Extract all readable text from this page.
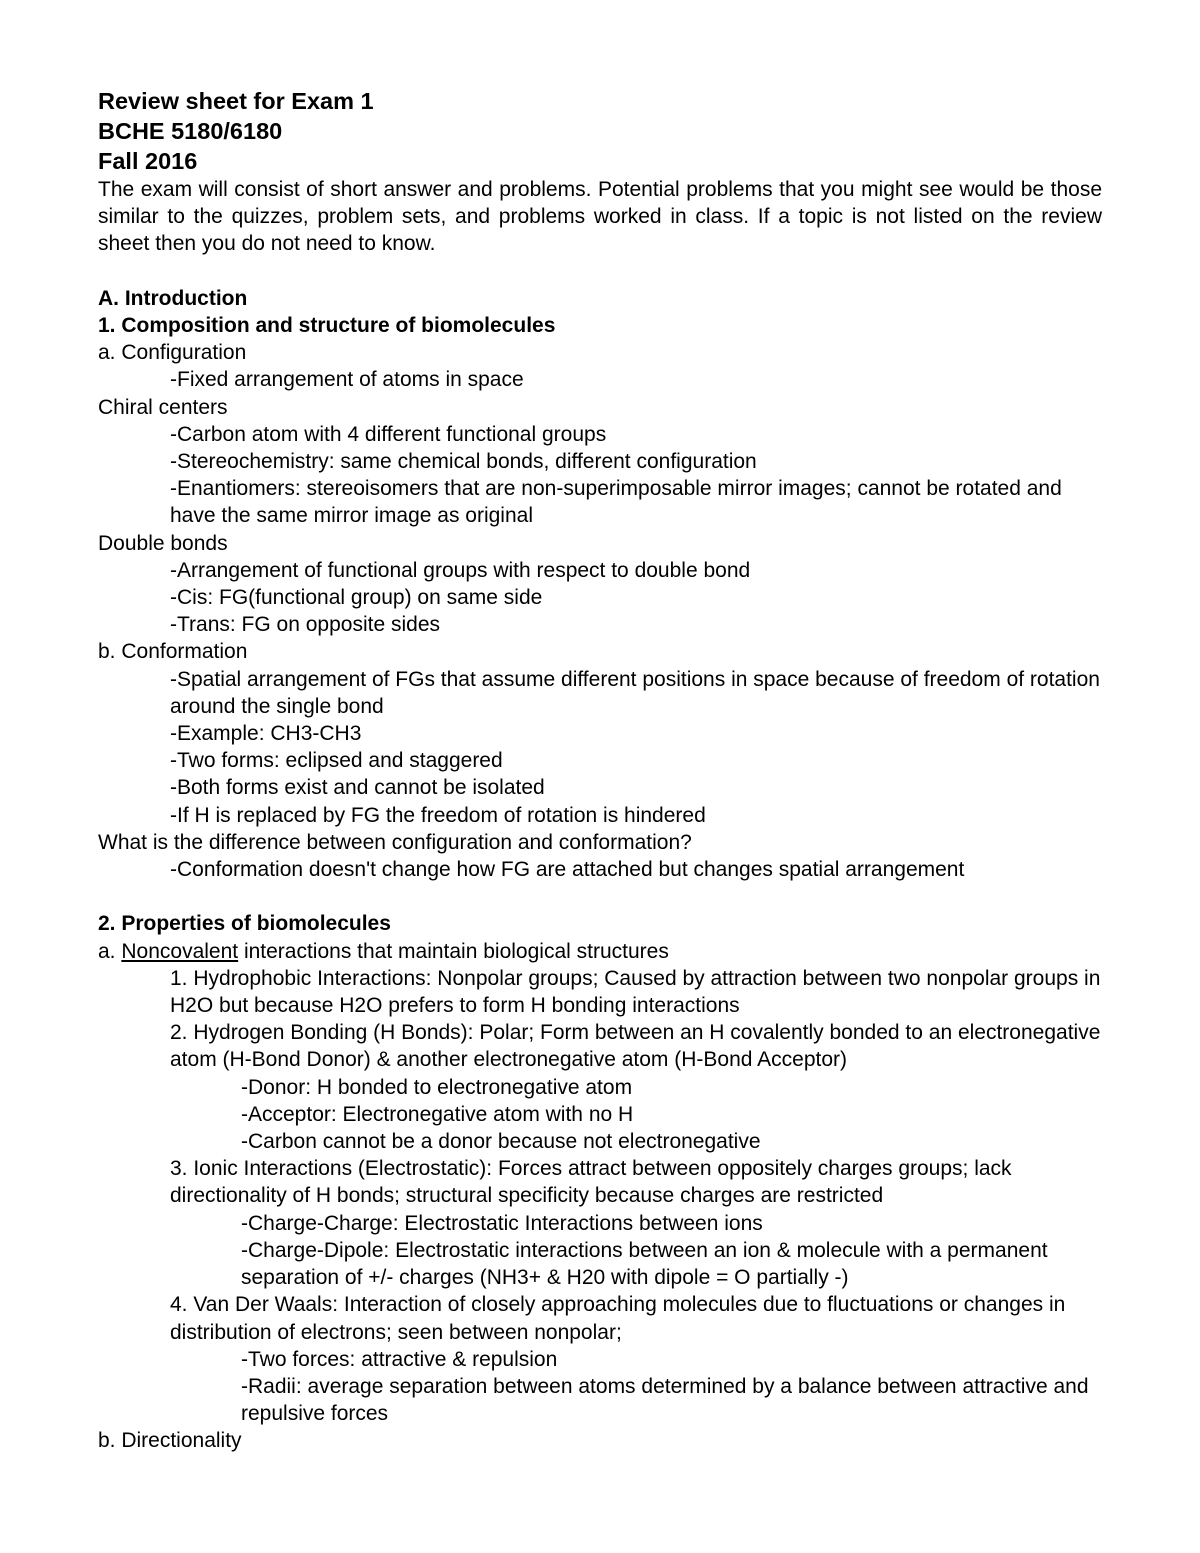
Review sheet for Exam 1

BCHE 5180/6180

Fall 2016

The exam will consist of short answer and problems. Potential problems that you might see would be those similar to the quizzes, problem sets, and problems worked in class. If a topic is not listed on the review sheet then you do not need to know.

A. Introduction

1. Composition and structure of biomolecules

a. Configuration

-Fixed arrangement of atoms in space

Chiral centers

-Carbon atom with 4 different functional groups

-Stereochemistry: same chemical bonds, different configuration

-Enantiomers: stereoisomers that are non-superimposable mirror images; cannot be rotated and have the same mirror image as original

Double bonds

-Arrangement of functional groups with respect to double bond

-Cis: FG(functional group) on same side

-Trans: FG on opposite sides

b. Conformation

-Spatial arrangement of FGs that assume different positions in space because of freedom of rotation around the single bond

-Example: CH3-CH3

-Two forms: eclipsed and staggered

-Both forms exist and cannot be isolated

-If H is replaced by FG the freedom of rotation is hindered

What is the difference between configuration and conformation?

-Conformation doesn't change how FG are attached but changes spatial arrangement

2. Properties of biomolecules

a. Noncovalent interactions that maintain biological structures

1. Hydrophobic Interactions: Nonpolar groups; Caused by attraction between two nonpolar groups in H2O but because H2O prefers to form H bonding interactions

2. Hydrogen Bonding (H Bonds): Polar; Form between an H covalently bonded to an electronegative atom (H-Bond Donor) & another electronegative atom (H-Bond Acceptor)

-Donor: H bonded to electronegative atom

-Acceptor: Electronegative atom with no H

-Carbon cannot be a donor because not electronegative

3. Ionic Interactions (Electrostatic): Forces attract between oppositely charges groups; lack directionality of H bonds; structural specificity because charges are restricted

-Charge-Charge: Electrostatic Interactions between ions

-Charge-Dipole: Electrostatic interactions between an ion & molecule with a permanent separation of +/- charges (NH3+ & H20 with dipole = O partially -)

4. Van Der Waals: Interaction of closely approaching molecules due to fluctuations or changes in distribution of electrons; seen between nonpolar;

-Two forces: attractive & repulsion

-Radii: average separation between atoms determined by a balance between attractive and repulsive forces

b. Directionality
